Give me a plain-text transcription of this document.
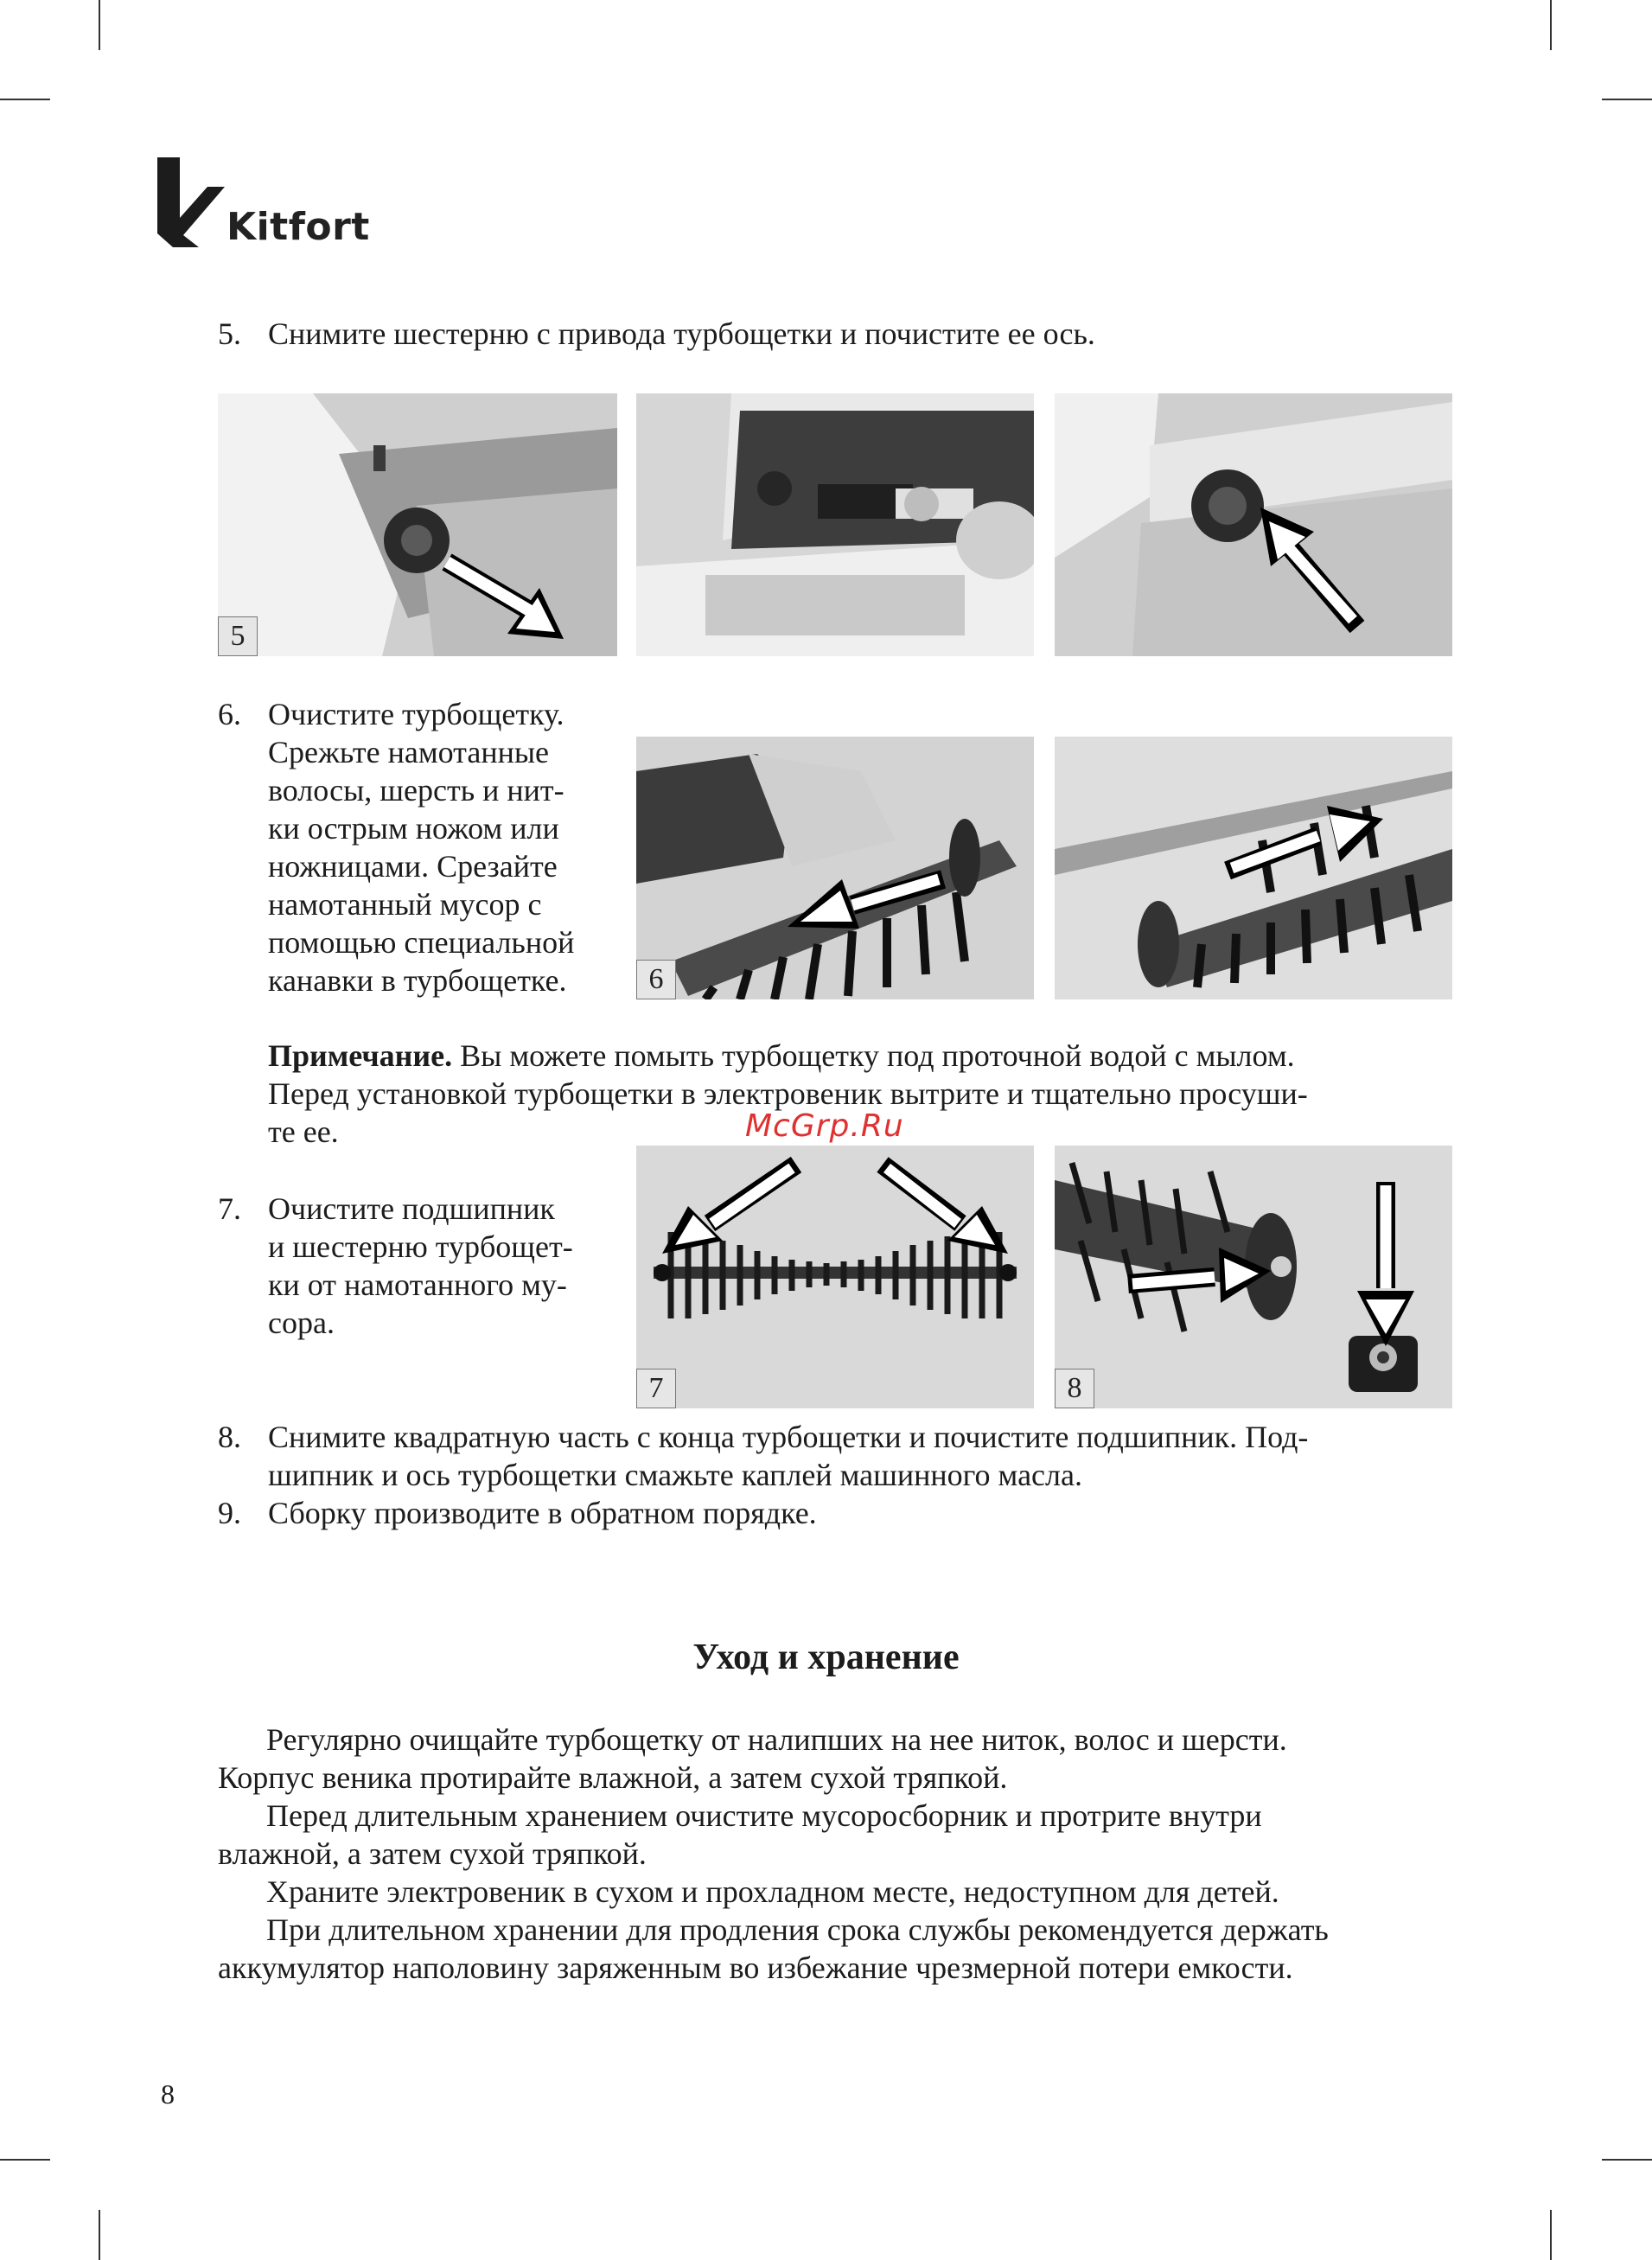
Kitfort
5. Снимите шестерню с привода турбощетки и почистите ее ось.
5
6. Очистите турбощетку.
Срежьте намотанные
волосы, шерсть и нит-
ки острым ножом или
ножницами. Срезайте
намотанный мусор с
помощью специальной
канавки в турбощетке.	6
Примечание. Вы можете помыть турбощетку под проточной водой с мылом.
Перед установкой турбощетки в электровеник вытрите и тщательно просуши-
те ее.	McGrp.Ru
7. Очистите подшипник
и шестерню турбощет-
ки от намотанного му-
сора.
7	8
8. Снимите квадратную часть с конца турбощетки и почистите подшипник. Под-
шипник и ось турбощетки смажьте каплей машинного масла.
9. Сборку производите в обратном порядке.
Уход и хранение
Регулярно очищайте турбощетку от налипших на нее ниток, волос и шерсти.
Корпус веника протирайте влажной, а затем сухой тряпкой.
Перед длительным хранением очистите мусоросборник и протрите внутри
влажной, а затем сухой тряпкой.
Храните электровеник в сухом и прохладном месте, недоступном для детей.
При длительном хранении для продления срока службы рекомендуется держать
аккумулятор наполовину заряженным во избежание чрезмерной потери емкости.
8
